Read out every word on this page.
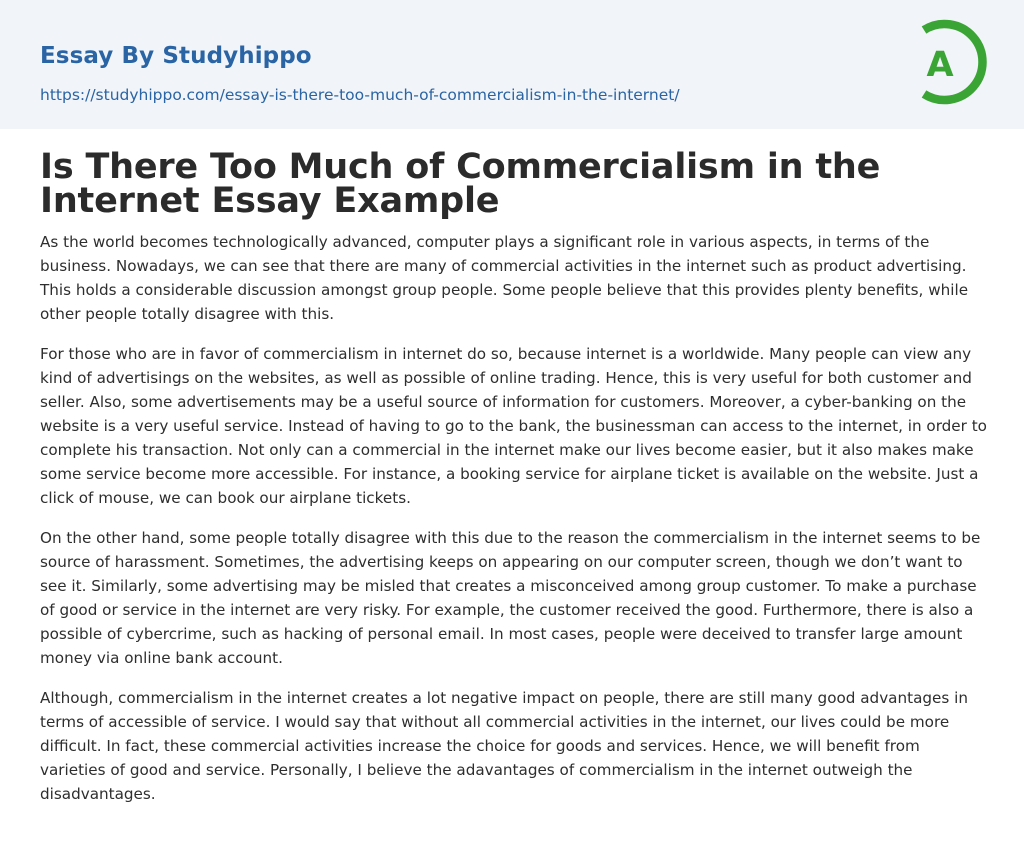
Essay By Studyhippo
https://studyhippo.com/essay-is-there-too-much-of-commercialism-in-the-internet/
A
Is There Too Much of Commercialism in the Internet Essay Example

As the world becomes technologically advanced, computer plays a significant role in various aspects, in terms of the business. Nowadays, we can see that there are many of commercial activities in the internet such as product advertising. This holds a considerable discussion amongst group people. Some people believe that this provides plenty benefits, while other people totally disagree with this.

For those who are in favor of commercialism in internet do so, because internet is a worldwide. Many people can view any kind of advertisings on the websites, as well as possible of online trading. Hence, this is very useful for both customer and seller. Also, some advertisements may be a useful source of information for customers. Moreover, a cyber-banking on the website is a very useful service. Instead of having to go to the bank, the businessman can access to the internet, in order to complete his transaction. Not only can a commercial in the internet make our lives become easier, but it also makes make some service become more accessible. For instance, a booking service for airplane ticket is available on the website. Just a click of mouse, we can book our airplane tickets.

On the other hand, some people totally disagree with this due to the reason the commercialism in the internet seems to be source of harassment. Sometimes, the advertising keeps on appearing on our computer screen, though we don’t want to see it. Similarly, some advertising may be misled that creates a misconceived among group customer. To make a purchase of good or service in the internet are very risky. For example, the customer received the good. Furthermore, there is also a possible of cybercrime, such as hacking of personal email. In most cases, people were deceived to transfer large amount money via online bank account.

Although, commercialism in the internet creates a lot negative impact on people, there are still many good advantages in terms of accessible of service. I would say that without all commercial activities in the internet, our lives could be more difficult. In fact, these commercial activities increase the choice for goods and services. Hence, we will benefit from varieties of good and service. Personally, I believe the adavantages of commercialism in the internet outweigh the disadvantages.
